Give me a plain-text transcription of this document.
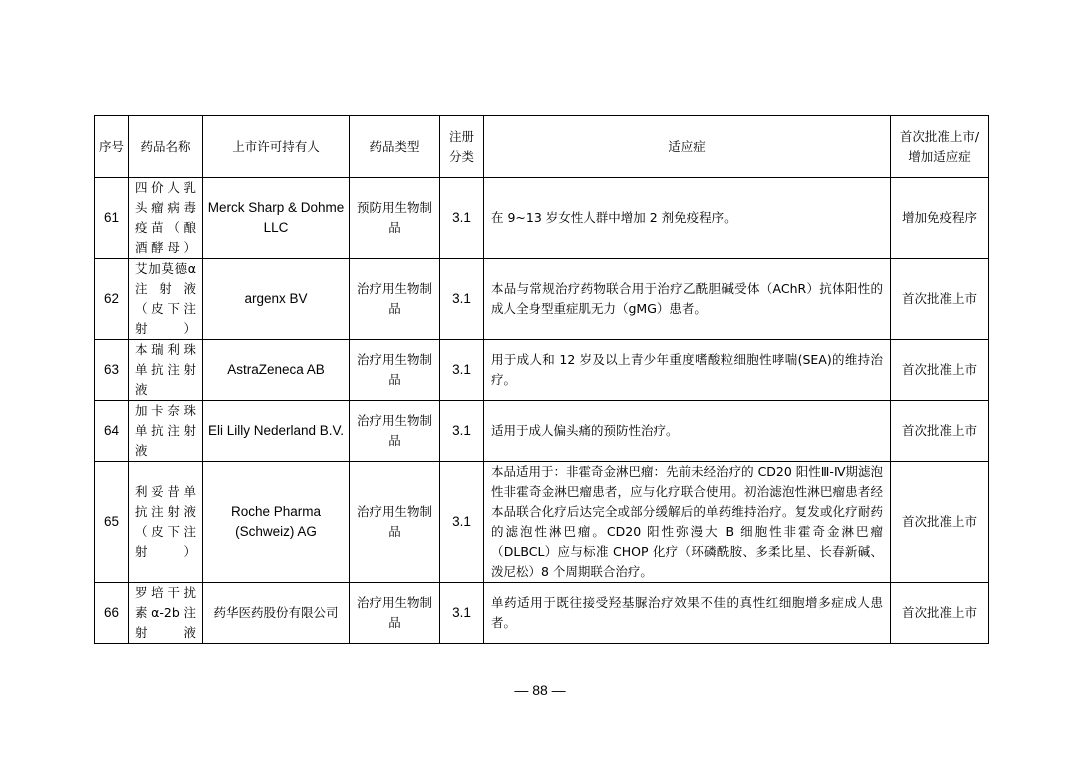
序号	药品名称	上市许可持有人	药品类型	注册分类	适应症	首次批准上市/增加适应症
61	四价人乳头瘤病毒疫苗（酿酒酵母）	Merck Sharp & Dohme LLC	预防用生物制品	3.1	在 9~13 岁女性人群中增加 2 剂免疫程序。	增加免疫程序
62	艾加莫德α注射液（皮下注射）	argenx BV	治疗用生物制品	3.1	本品与常规治疗药物联合用于治疗乙酰胆碱受体（AChR）抗体阳性的成人全身型重症肌无力（gMG）患者。	首次批准上市
63	本瑞利珠单抗注射液	AstraZeneca AB	治疗用生物制品	3.1	用于成人和 12 岁及以上青少年重度嗜酸粒细胞性哮喘(SEA)的维持治疗。	首次批准上市
64	加卡奈珠单抗注射液	Eli Lilly Nederland B.V.	治疗用生物制品	3.1	适用于成人偏头痛的预防性治疗。	首次批准上市
65	利妥昔单抗注射液（皮下注射）	Roche Pharma (Schweiz) AG	治疗用生物制品	3.1	本品适用于：非霍奇金淋巴瘤：先前未经治疗的 CD20 阳性Ⅲ-Ⅳ期滤泡性非霍奇金淋巴瘤患者，应与化疗联合使用。初治滤泡性淋巴瘤患者经本品联合化疗后达完全或部分缓解后的单药维持治疗。复发或化疗耐药的滤泡性淋巴瘤。CD20 阳性弥漫大 B 细胞性非霍奇金淋巴瘤（DLBCL）应与标准 CHOP 化疗（环磷酰胺、多柔比星、长春新碱、泼尼松）8 个周期联合治疗。	首次批准上市
66	罗培干扰素α-2b注射液	药华医药股份有限公司	治疗用生物制品	3.1	单药适用于既往接受羟基脲治疗效果不佳的真性红细胞增多症成人患者。	首次批准上市
— 88 —
